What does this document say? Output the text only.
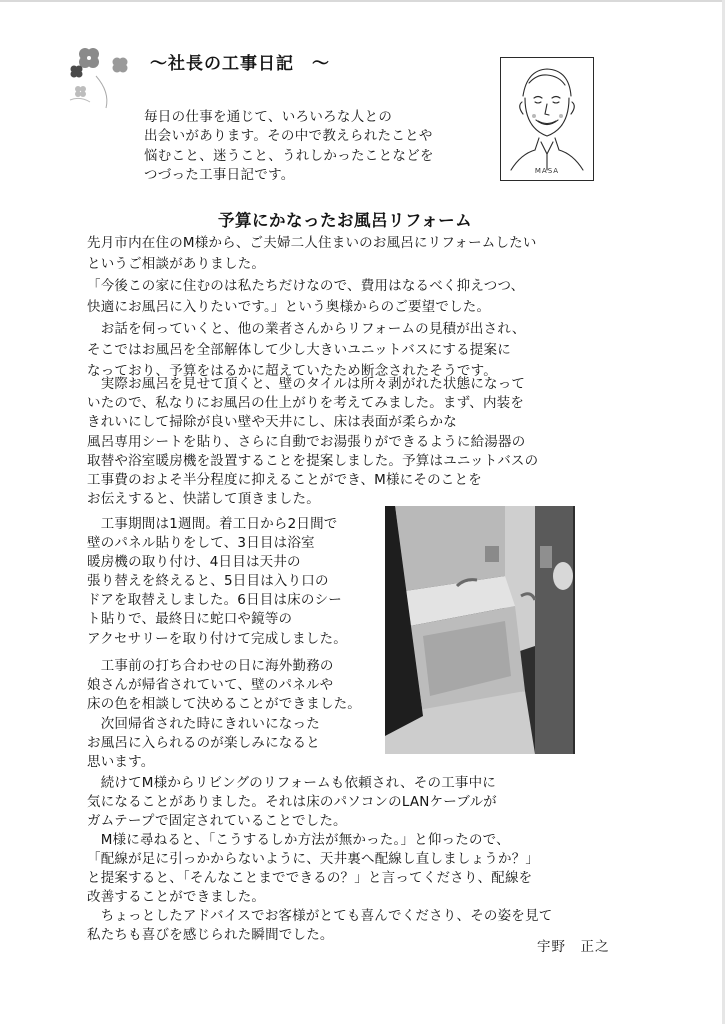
～社長の工事日記　～
毎日の仕事を通じて、いろいろな人との
出会いがあります。その中で教えられたことや
悩むこと、迷うこと、うれしかったことなどを
つづった工事日記です。	MASA
予算にかなったお風呂リフォーム
先月市内在住のM様から、ご夫婦二人住まいのお風呂にリフォームしたい
というご相談がありました。
「今後この家に住むのは私たちだけなので、費用はなるべく抑えつつ、
快適にお風呂に入りたいです。」という奥様からのご要望でした。
　お話を伺っていくと、他の業者さんからリフォームの見積が出され、
そこではお風呂を全部解体して少し大きいユニットバスにする提案に
なっており、予算をはるかに超えていたため断念されたそうです。
　実際お風呂を見せて頂くと、壁のタイルは所々剥がれた状態になって
いたので、私なりにお風呂の仕上がりを考えてみました。まず、内装を
きれいにして掃除が良い壁や天井にし、床は表面が柔らかな
風呂専用シートを貼り、さらに自動でお湯張りができるように給湯器の
取替や浴室暖房機を設置することを提案しました。予算はユニットバスの
工事費のおよそ半分程度に抑えることができ、M様にそのことを
お伝えすると、快諾して頂きました。
　工事期間は1週間。着工日から2日間で
壁のパネル貼りをして、3日目は浴室
暖房機の取り付け、4日目は天井の
張り替えを終えると、5日目は入り口の
ドアを取替えしました。6日目は床のシー
ト貼りで、最終日に蛇口や鏡等の
アクセサリーを取り付けて完成しました。
　工事前の打ち合わせの日に海外勤務の
娘さんが帰省されていて、壁のパネルや
床の色を相談して決めることができました。
　次回帰省された時にきれいになった
お風呂に入られるのが楽しみになると
思います。
　続けてM様からリビングのリフォームも依頼され、その工事中に
気になることがありました。それは床のパソコンのLANケーブルが
ガムテープで固定されていることでした。
　M様に尋ねると、「こうするしか方法が無かった。」と仰ったので、
「配線が足に引っかからないように、天井裏へ配線し直しましょうか？」
と提案すると、「そんなことまでできるの？」と言ってくださり、配線を
改善することができました。
　ちょっとしたアドバイスでお客様がとても喜んでくださり、その姿を見て
私たちも喜びを感じられた瞬間でした。
宇野　正之
